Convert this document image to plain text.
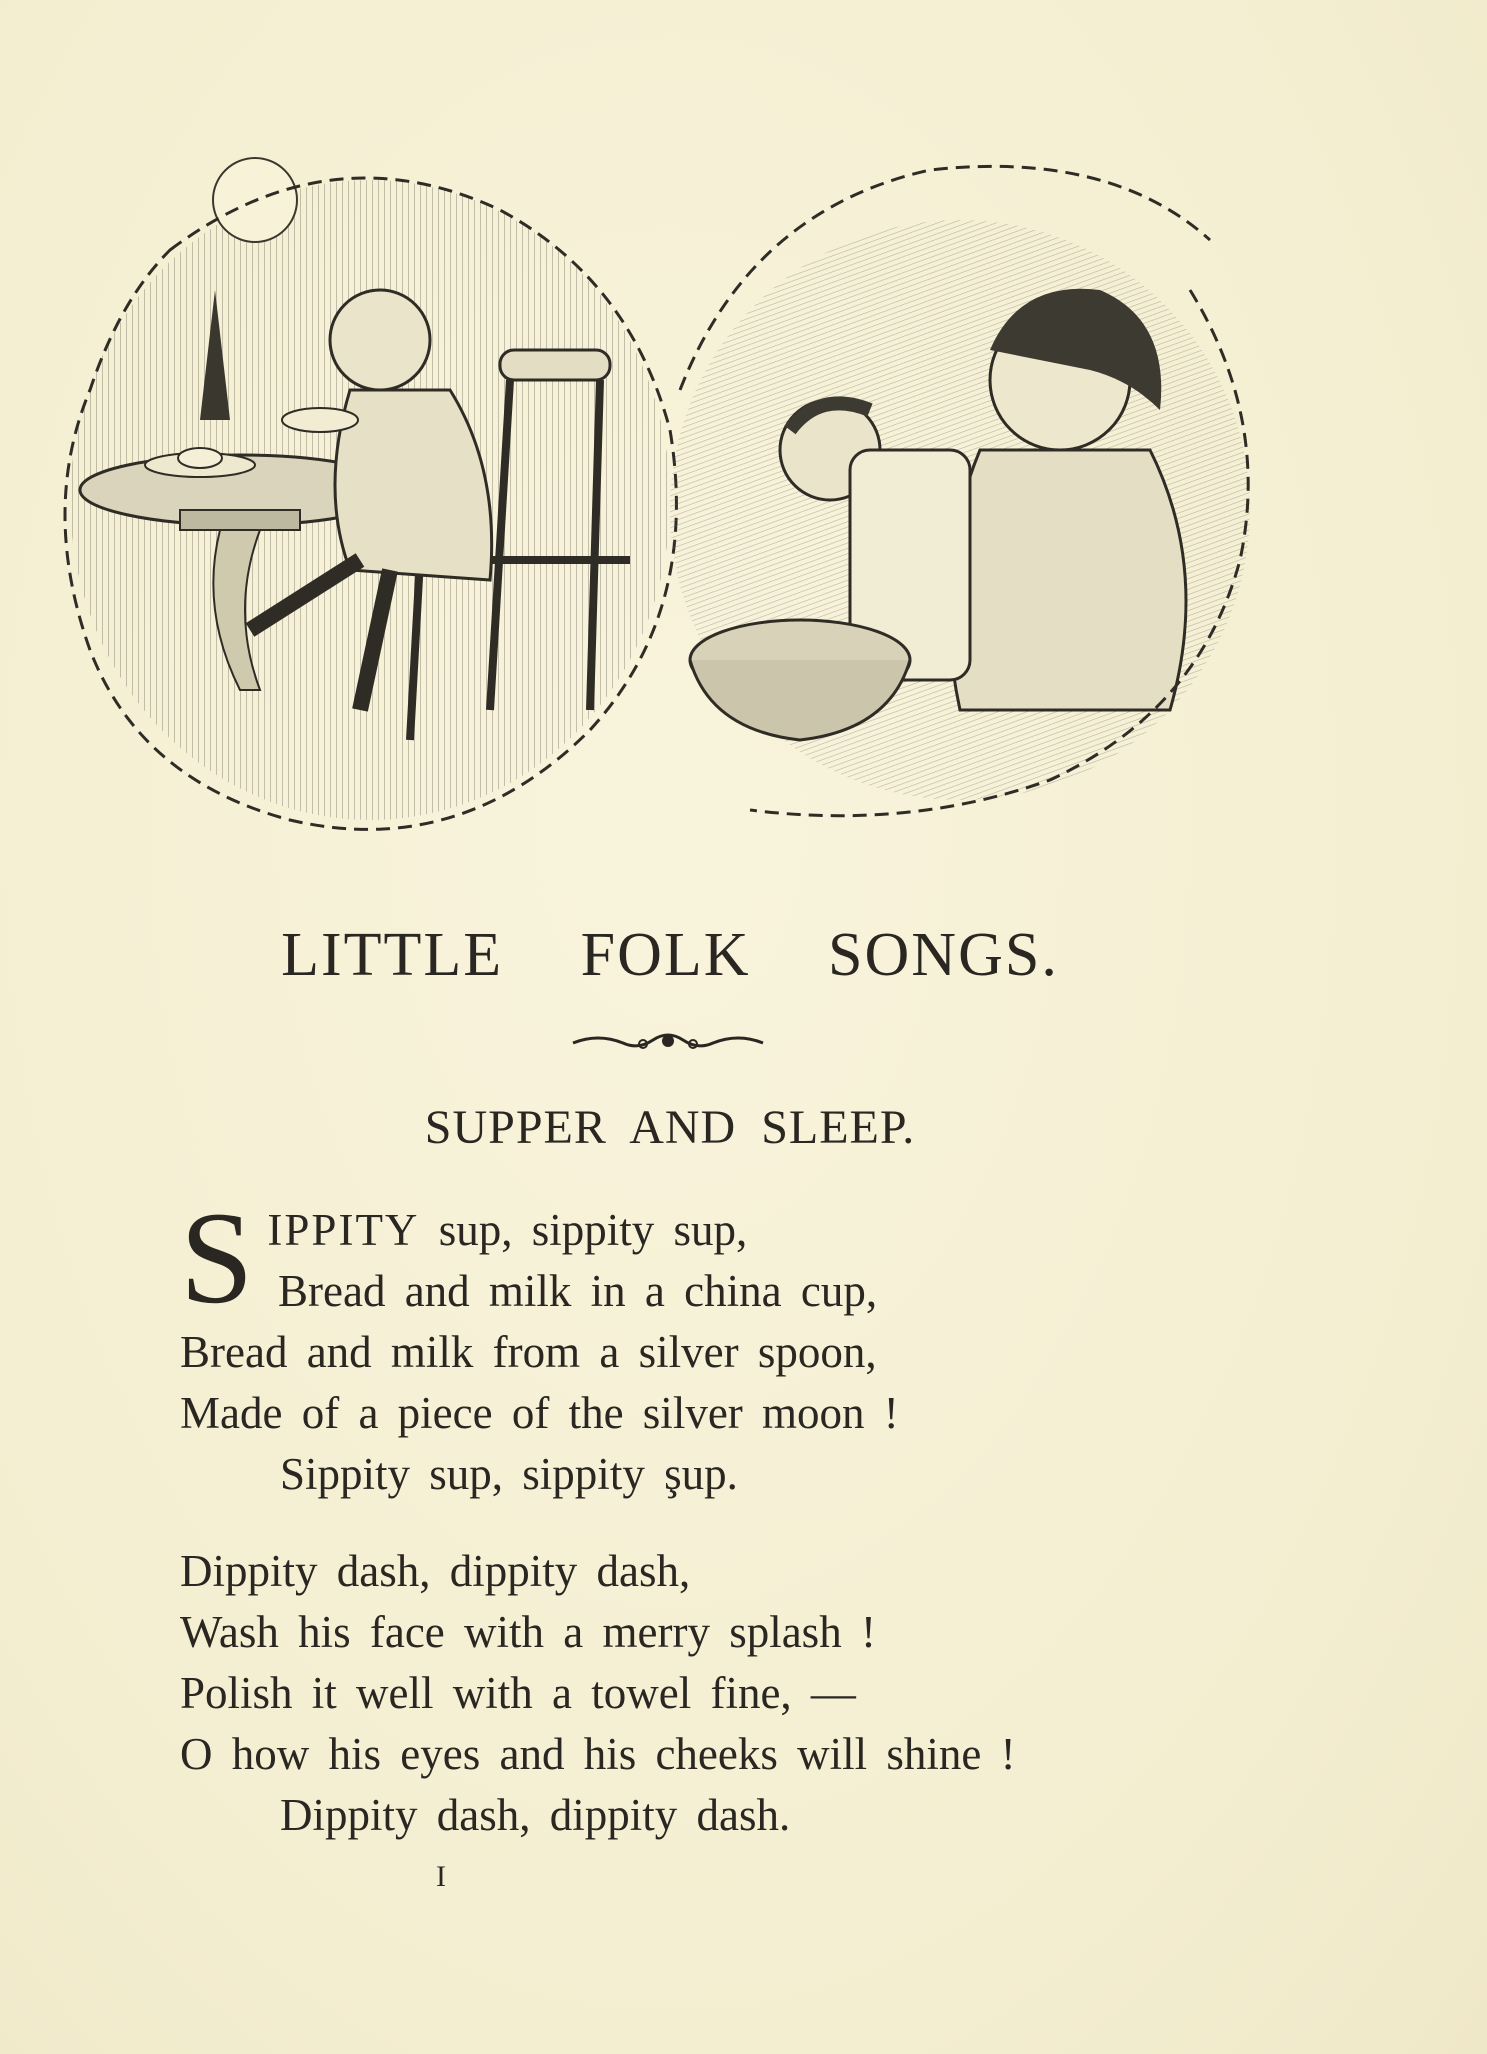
LITTLE FOLK SONGS.
SUPPER AND SLEEP.
S IPPITY sup, sippity sup,
Bread and milk in a china cup,
Bread and milk from a silver spoon,
Made of a piece of the silver moon !
Sippity sup, sippity şup.
Dippity dash, dippity dash,
Wash his face with a merry splash !
Polish it well with a towel fine, —
O how his eyes and his cheeks will shine !
Dippity dash, dippity dash.
I
